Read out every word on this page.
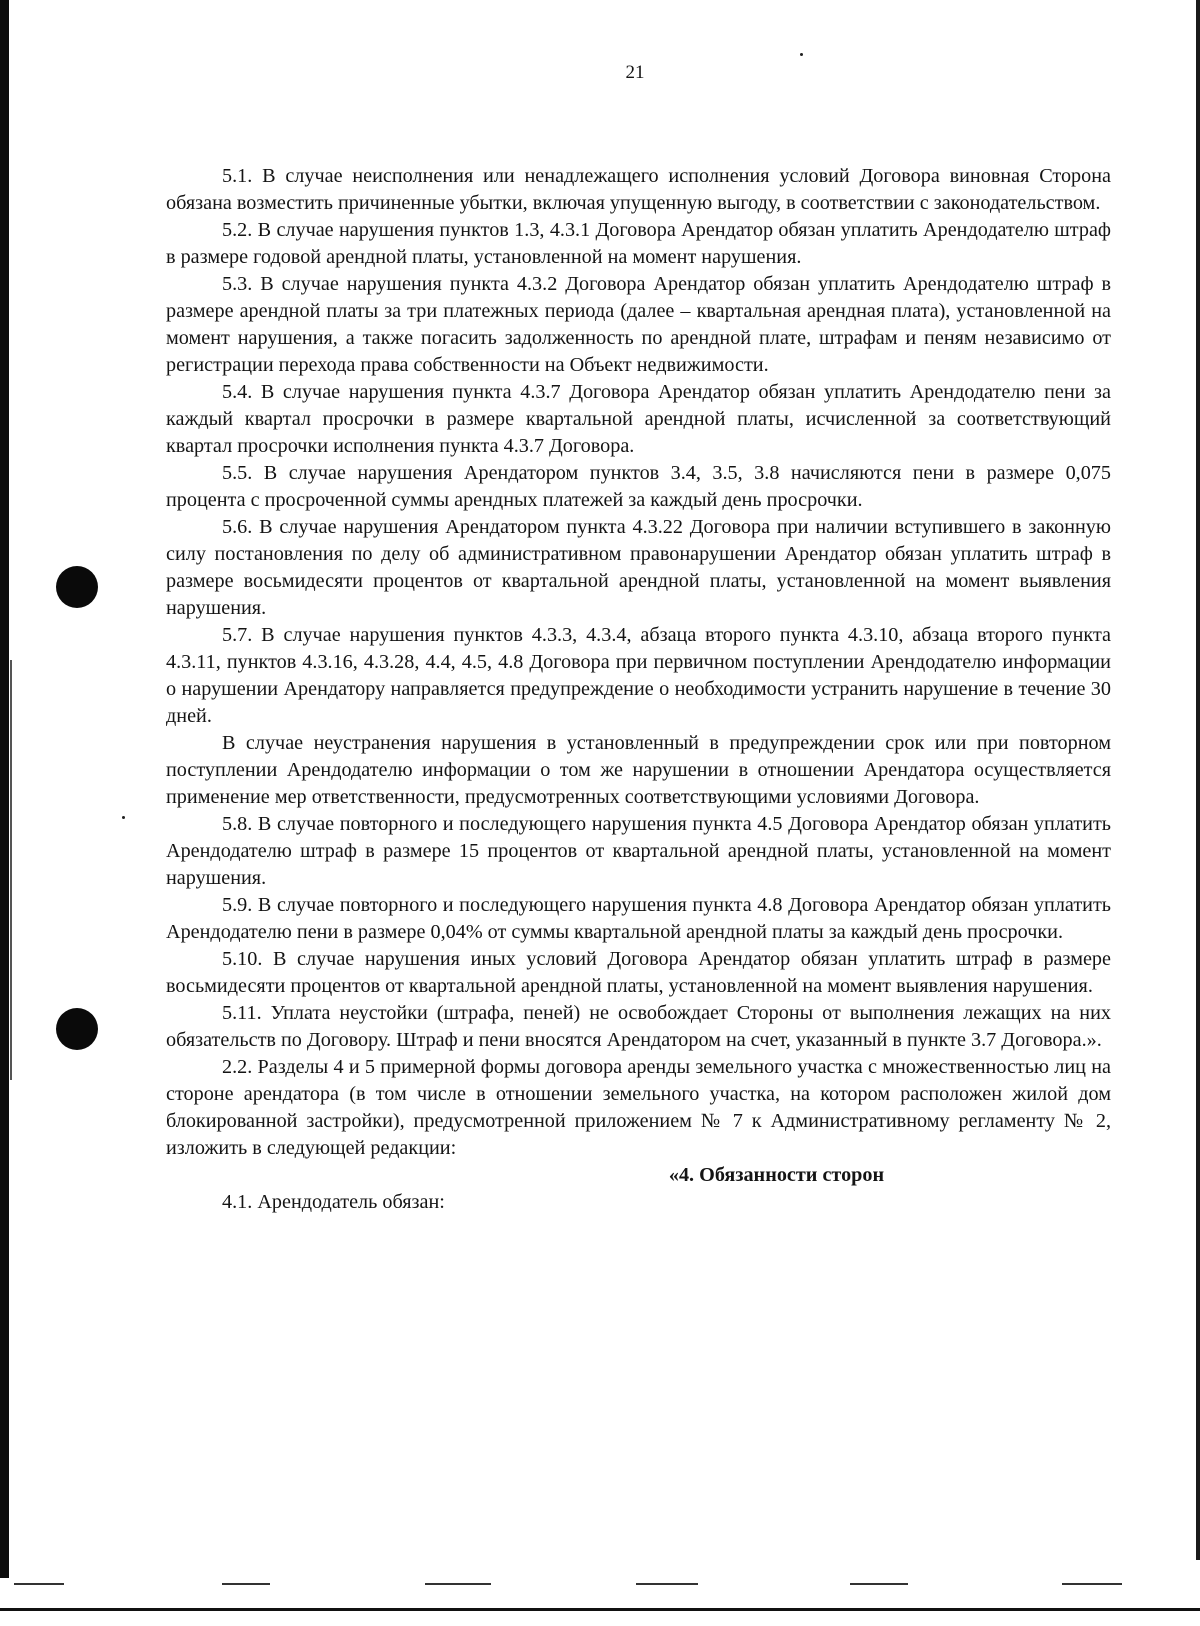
21

5.1. В случае неисполнения или ненадлежащего исполнения условий Договора виновная Сторона обязана возместить причиненные убытки, включая упущенную выгоду, в соответствии с законодательством.

5.2. В случае нарушения пунктов 1.3, 4.3.1 Договора Арендатор обязан уплатить Арендодателю штраф в размере годовой арендной платы, установленной на момент нарушения.

5.3. В случае нарушения пункта 4.3.2 Договора Арендатор обязан уплатить Арендодателю штраф в размере арендной платы за три платежных периода (далее – квартальная арендная плата), установленной на момент нарушения, а также погасить задолженность по арендной плате, штрафам и пеням независимо от регистрации перехода права собственности на Объект недвижимости.

5.4. В случае нарушения пункта 4.3.7 Договора Арендатор обязан уплатить Арендодателю пени за каждый квартал просрочки в размере квартальной арендной платы, исчисленной за соответствующий квартал просрочки исполнения пункта 4.3.7 Договора.

5.5. В случае нарушения Арендатором пунктов 3.4, 3.5, 3.8 начисляются пени в размере 0,075 процента с просроченной суммы арендных платежей за каждый день просрочки.

5.6. В случае нарушения Арендатором пункта 4.3.22 Договора при наличии вступившего в законную силу постановления по делу об административном правонарушении Арендатор обязан уплатить штраф в размере восьмидесяти процентов от квартальной арендной платы, установленной на момент выявления нарушения.

5.7. В случае нарушения пунктов 4.3.3, 4.3.4, абзаца второго пункта 4.3.10, абзаца второго пункта 4.3.11, пунктов 4.3.16, 4.3.28, 4.4, 4.5, 4.8 Договора при первичном поступлении Арендодателю информации о нарушении Арендатору направляется предупреждение о необходимости устранить нарушение в течение 30 дней.

В случае неустранения нарушения в установленный в предупреждении срок или при повторном поступлении Арендодателю информации о том же нарушении в отношении Арендатора осуществляется применение мер ответственности, предусмотренных соответствующими условиями Договора.

5.8. В случае повторного и последующего нарушения пункта 4.5 Договора Арендатор обязан уплатить Арендодателю штраф в размере 15 процентов от квартальной арендной платы, установленной на момент нарушения.

5.9. В случае повторного и последующего нарушения пункта 4.8 Договора Арендатор обязан уплатить Арендодателю пени в размере 0,04% от суммы квартальной арендной платы за каждый день просрочки.

5.10. В случае нарушения иных условий Договора Арендатор обязан уплатить штраф в размере восьмидесяти процентов от квартальной арендной платы, установленной на момент выявления нарушения.

5.11. Уплата неустойки (штрафа, пеней) не освобождает Стороны от выполнения лежащих на них обязательств по Договору. Штраф и пени вносятся Арендатором на счет, указанный в пункте 3.7 Договора.».

2.2. Разделы 4 и 5 примерной формы договора аренды земельного участка с множественностью лиц на стороне арендатора (в том числе в отношении земельного участка, на котором расположен жилой дом блокированной застройки), предусмотренной приложением № 7 к Административному регламенту № 2, изложить в следующей редакции:

«4. Обязанности сторон

4.1. Арендодатель обязан:
